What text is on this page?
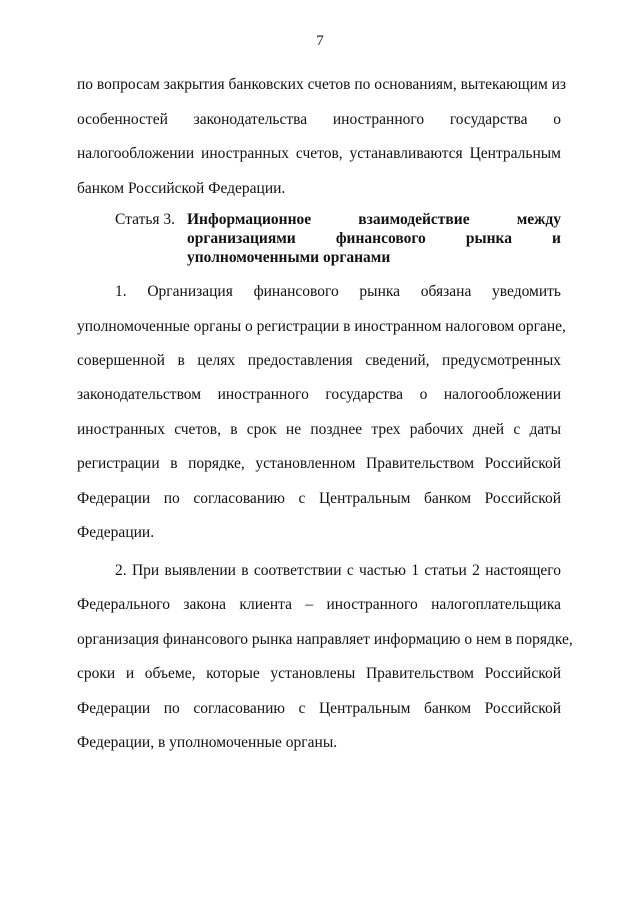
7
по вопросам закрытия банковских счетов по основаниям, вытекающим из
особенностей законодательства иностранного государства о
налогообложении иностранных счетов, устанавливаются Центральным
банком Российской Федерации.
Статья 3. Информационное взаимодействие между
организациями финансового рынка и
уполномоченными органами
1. Организация финансового рынка обязана уведомить
уполномоченные органы о регистрации в иностранном налоговом органе,
совершенной в целях предоставления сведений, предусмотренных
законодательством иностранного государства о налогообложении
иностранных счетов, в срок не позднее трех рабочих дней с даты
регистрации в порядке, установленном Правительством Российской
Федерации по согласованию с Центральным банком Российской
Федерации.
2. При выявлении в соответствии с частью 1 статьи 2 настоящего
Федерального закона клиента – иностранного налогоплательщика
организация финансового рынка направляет информацию о нем в порядке,
сроки и объеме, которые установлены Правительством Российской
Федерации по согласованию с Центральным банком Российской
Федерации, в уполномоченные органы.
